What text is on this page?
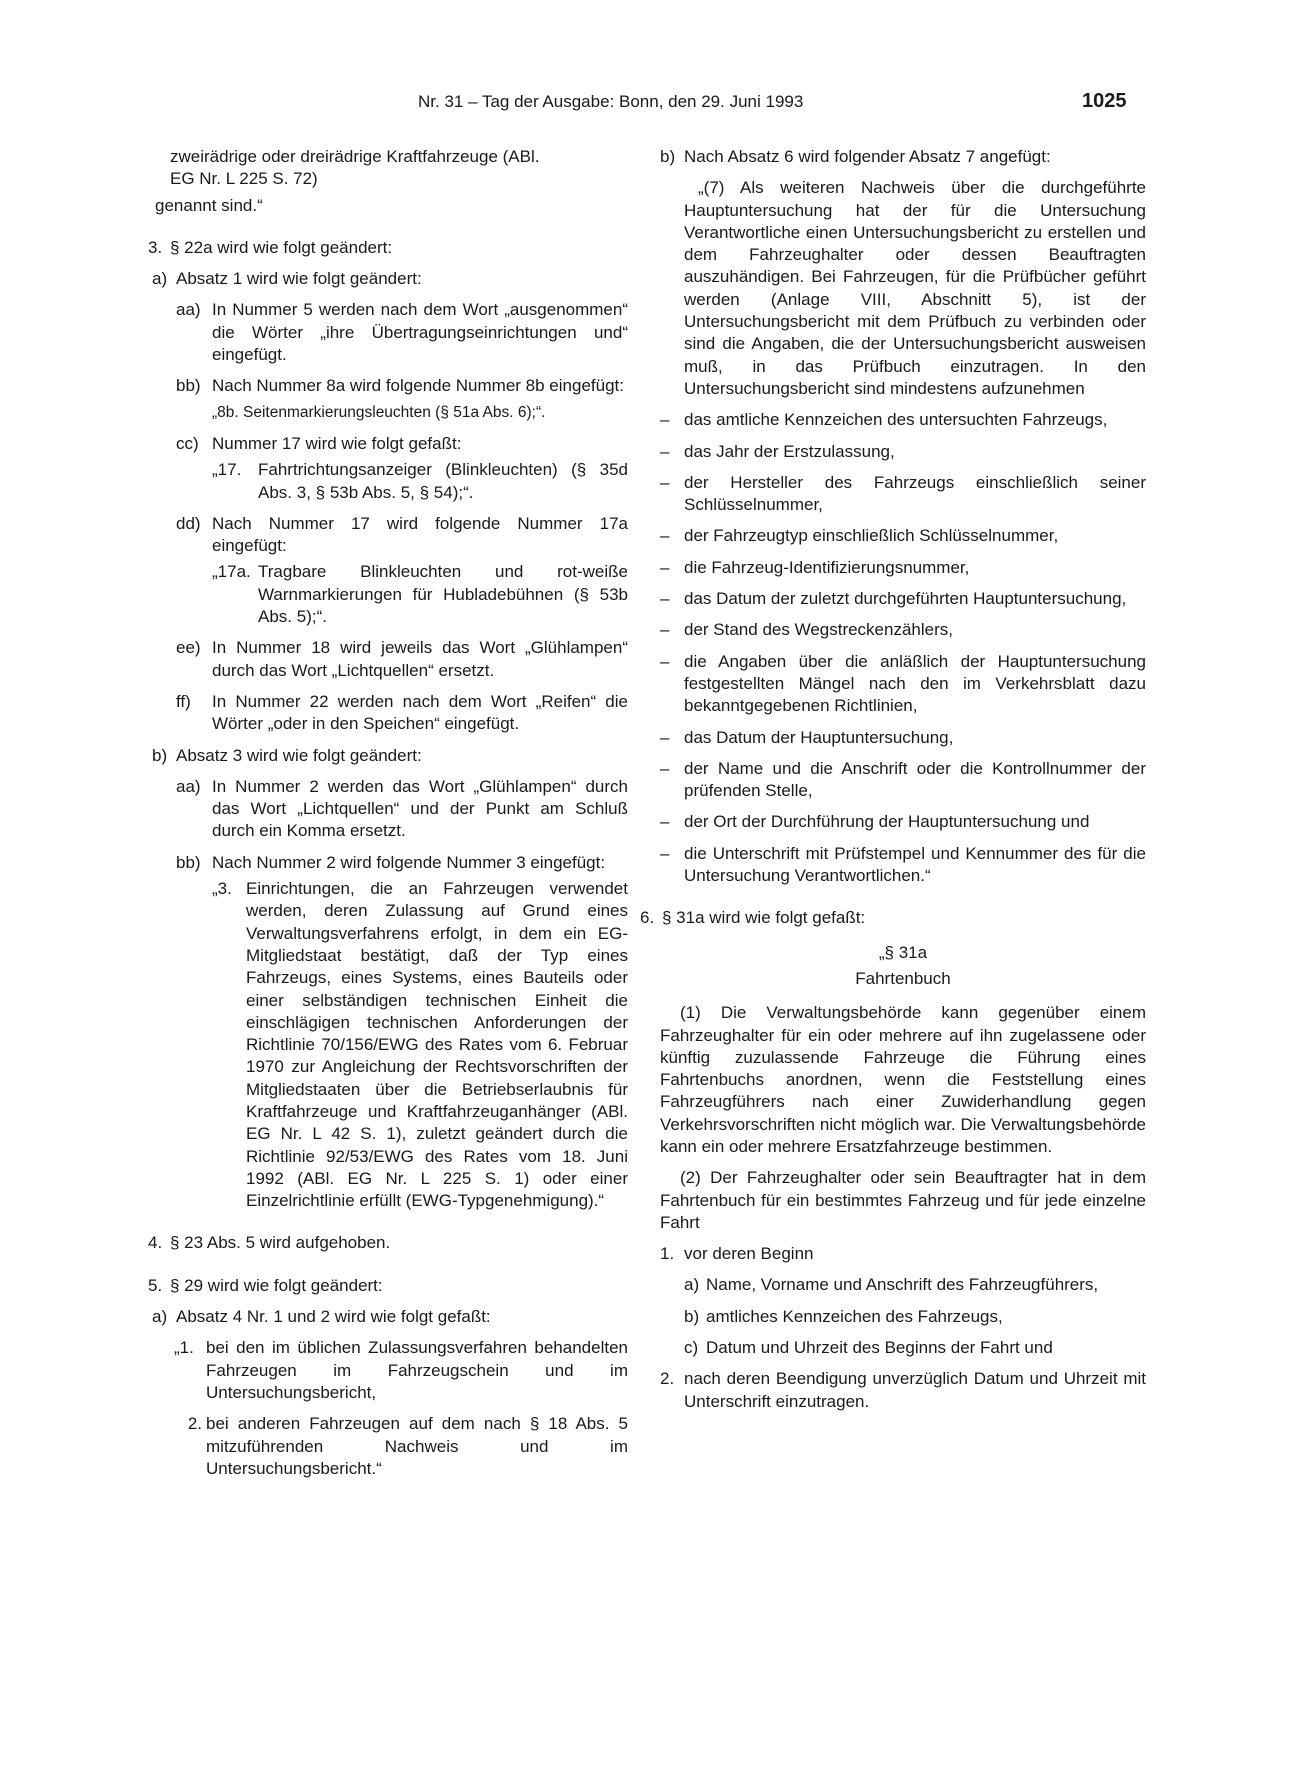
Nr. 31 – Tag der Ausgabe: Bonn, den 29. Juni 1993	1025
zweirädrige oder dreirädrige Kraftfahrzeuge (ABl.
EG Nr. L 225 S. 72)

genannt sind.“

3. § 22a wird wie folgt geändert:
a) Absatz 1 wird wie folgt geändert:
aa) In Nummer 5 werden nach dem Wort „ausgenommen“ die Wörter „ihre Übertragungseinrichtungen und“ eingefügt.
bb) Nach Nummer 8a wird folgende Nummer 8b eingefügt:

„8b. Seitenmarkierungsleuchten (§ 51a Abs. 6);“.

cc) Nummer 17 wird wie folgt gefaßt:
„17. Fahrtrichtungsanzeiger (Blinkleuchten) (§ 35d Abs. 3, § 53b Abs. 5, § 54);“.
dd) Nach Nummer 17 wird folgende Nummer 17a eingefügt:
„17a. Tragbare Blinkleuchten und rot-weiße Warnmarkierungen für Hubladebühnen (§ 53b Abs. 5);“.
ee) In Nummer 18 wird jeweils das Wort „Glühlampen“ durch das Wort „Lichtquellen“ ersetzt.
ff)	In Nummer 22 werden nach dem Wort „Reifen“ die Wörter „oder in den Speichen“ eingefügt.
b) Absatz 3 wird wie folgt geändert:
aa) In Nummer 2 werden das Wort „Glühlampen“ durch das Wort „Lichtquellen“ und der Punkt am Schluß durch ein Komma ersetzt.
bb) Nach Nummer 2 wird folgende Nummer 3 eingefügt:
„3. Einrichtungen, die an Fahrzeugen verwendet werden, deren Zulassung auf Grund eines Verwaltungsverfahrens erfolgt, in dem ein EG-Mitgliedstaat bestätigt, daß der Typ eines Fahrzeugs, eines Systems, eines Bauteils oder einer selbständigen technischen Einheit die einschlägigen technischen Anforderungen der Richtlinie 70/156/EWG des Rates vom 6. Februar 1970 zur Angleichung der Rechtsvorschriften der Mitgliedstaaten über die Betriebserlaubnis für Kraftfahrzeuge und Kraftfahrzeuganhänger (ABl. EG Nr. L 42 S. 1), zuletzt geändert durch die Richtlinie 92/53/EWG des Rates vom 18. Juni 1992 (ABl. EG Nr. L 225 S. 1) oder einer Einzelrichtlinie erfüllt (EWG-Typgenehmigung).“
4. § 23 Abs. 5 wird aufgehoben.
5. § 29 wird wie folgt geändert:
a) Absatz 4 Nr. 1 und 2 wird wie folgt gefaßt:
„1. bei den im üblichen Zulassungsverfahren behandelten Fahrzeugen im Fahrzeugschein und im Untersuchungsbericht,
2. bei anderen Fahrzeugen auf dem nach § 18 Abs. 5 mitzuführenden Nachweis und im Untersuchungsbericht.“
b) Nach Absatz 6 wird folgender Absatz 7 angefügt:

„(7) Als weiteren Nachweis über die durchgeführte Hauptuntersuchung hat der für die Untersuchung Verantwortliche einen Untersuchungsbericht zu erstellen und dem Fahrzeughalter oder dessen Beauftragten auszuhändigen. Bei Fahrzeugen, für die Prüfbücher geführt werden (Anlage VIII, Abschnitt 5), ist der Untersuchungsbericht mit dem Prüfbuch zu verbinden oder sind die Angaben, die der Untersuchungsbericht ausweisen muß, in das Prüfbuch einzutragen. In den Untersuchungsbericht sind mindestens aufzunehmen

– das amtliche Kennzeichen des untersuchten Fahrzeugs,
– das Jahr der Erstzulassung,
– der Hersteller des Fahrzeugs einschließlich seiner Schlüsselnummer,
– der Fahrzeugtyp einschließlich Schlüsselnummer,
– die Fahrzeug-Identifizierungsnummer,
– das Datum der zuletzt durchgeführten Hauptuntersuchung,
– der Stand des Wegstreckenzählers,
– die Angaben über die anläßlich der Hauptuntersuchung festgestellten Mängel nach den im Verkehrsblatt dazu bekanntgegebenen Richtlinien,
– das Datum der Hauptuntersuchung,
– der Name und die Anschrift oder die Kontrollnummer der prüfenden Stelle,
– der Ort der Durchführung der Hauptuntersuchung und
– die Unterschrift mit Prüfstempel und Kennummer des für die Untersuchung Verantwortlichen.“
6. § 31a wird wie folgt gefaßt:

„§ 31a

Fahrtenbuch

(1) Die Verwaltungsbehörde kann gegenüber einem Fahrzeughalter für ein oder mehrere auf ihn zugelassene oder künftig zuzulassende Fahrzeuge die Führung eines Fahrtenbuchs anordnen, wenn die Feststellung eines Fahrzeugführers nach einer Zuwiderhandlung gegen Verkehrsvorschriften nicht möglich war. Die Verwaltungsbehörde kann ein oder mehrere Ersatzfahrzeuge bestimmen.

(2) Der Fahrzeughalter oder sein Beauftragter hat in dem Fahrtenbuch für ein bestimmtes Fahrzeug und für jede einzelne Fahrt

1. vor deren Beginn
a) Name, Vorname und Anschrift des Fahrzeugführers,
b) amtliches Kennzeichen des Fahrzeugs,
c) Datum und Uhrzeit des Beginns der Fahrt und
2. nach deren Beendigung unverzüglich Datum und Uhrzeit mit Unterschrift einzutragen.
